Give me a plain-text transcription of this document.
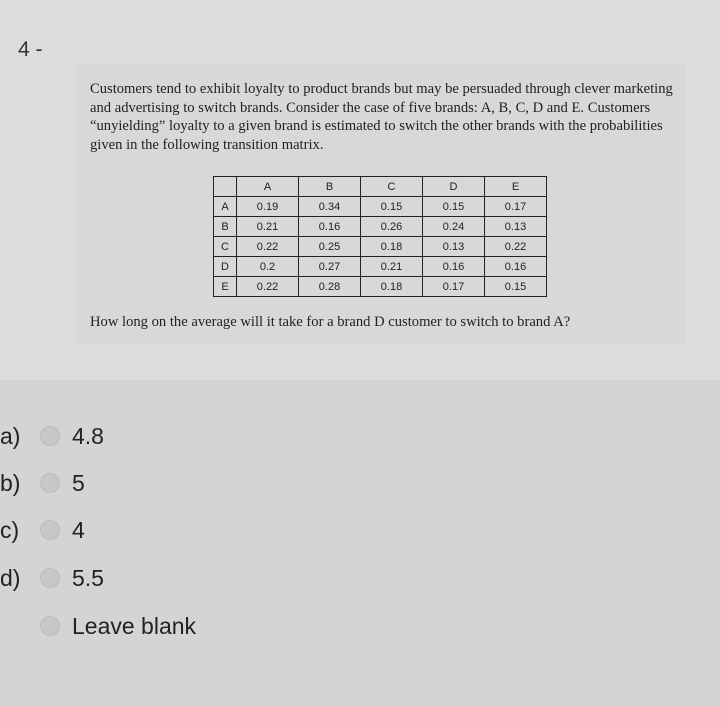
4 -

Customers tend to exhibit loyalty to product brands but may be persuaded through clever marketing and advertising to switch brands. Consider the case of five brands: A, B, C, D and E. Customers “unyielding” loyalty to a given brand is estimated to switch the other brands with the probabilities given in the following transition matrix.

	A	B	C	D	E
A	0.19	0.34	0.15	0.15	0.17
B	0.21	0.16	0.26	0.24	0.13
C	0.22	0.25	0.18	0.13	0.22
D	0.2	0.27	0.21	0.16	0.16
E	0.22	0.28	0.18	0.17	0.15

How long on the average will it take for a brand D customer to switch to brand A?

a)	4.8
b)	5
c)	4
d)	5.5
Leave blank
